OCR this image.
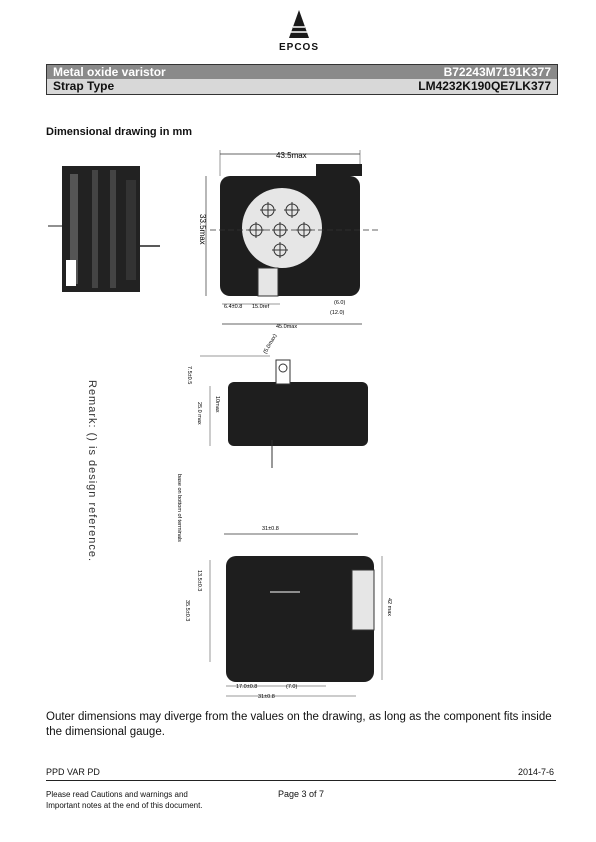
EPCOS
Metal oxide varistor	B72243M7191K377
Strap Type	LM4232K190QE7LK377
Dimensional drawing in mm
43.5max
33.5max
6.4±0.8 15.0ref
(6.0)
(12.0)
45.0max
7.5±0.5
(5.0max)
10max
25.0 max
base on bottom of terminals	31±0.8
13.5±0.3
35.5±0.3	42 max
17.0±0.8	(7.0)
31±0.8
Remark: () is design reference.
Outer dimensions may diverge from the values on the drawing, as long as the component fits inside the dimensional gauge.
PPD VAR PD	2014-7-6
Please read Cautions and warnings and
Important notes at the end of this document.
Page 3 of 7
